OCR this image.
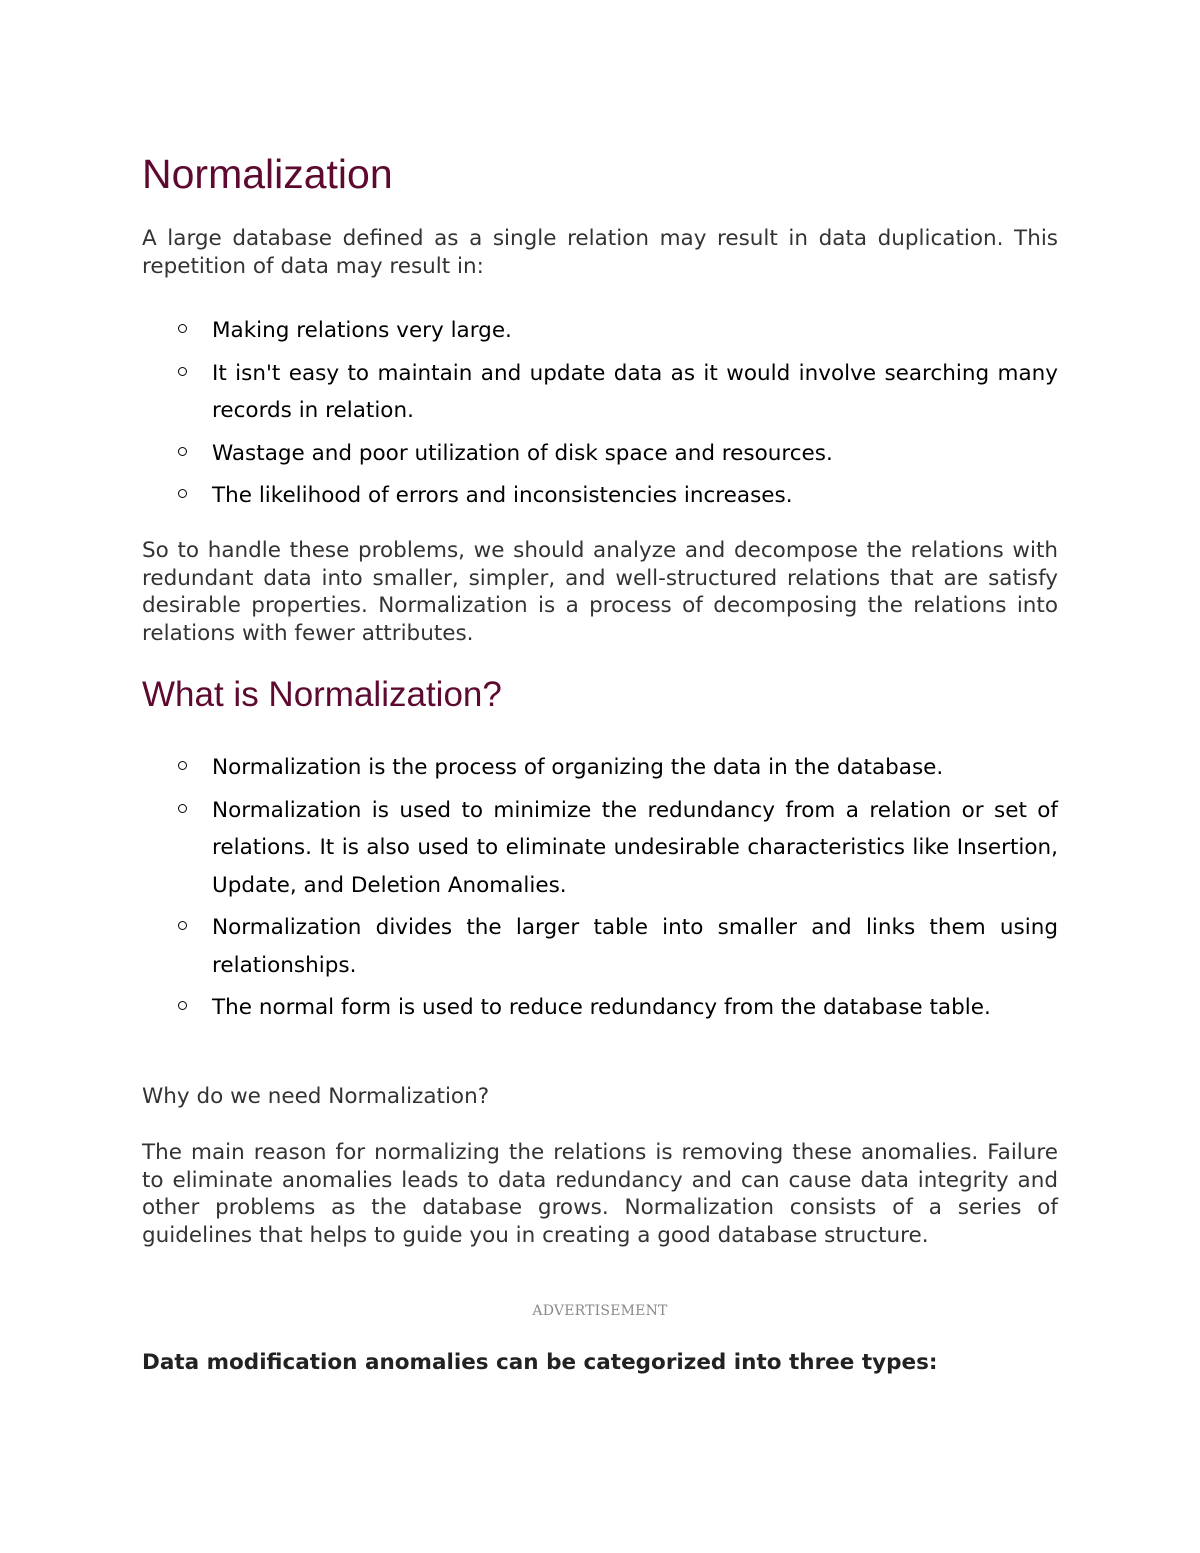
Normalization

A large database defined as a single relation may result in data duplication. This repetition of data may result in:

Making relations very large.
It isn't easy to maintain and update data as it would involve searching many records in relation.
Wastage and poor utilization of disk space and resources.
The likelihood of errors and inconsistencies increases.

So to handle these problems, we should analyze and decompose the relations with redundant data into smaller, simpler, and well-structured relations that are satisfy desirable properties. Normalization is a process of decomposing the relations into relations with fewer attributes.

What is Normalization?
Normalization is the process of organizing the data in the database.
Normalization is used to minimize the redundancy from a relation or set of relations. It is also used to eliminate undesirable characteristics like Insertion, Update, and Deletion Anomalies.
Normalization divides the larger table into smaller and links them using relationships.
The normal form is used to reduce redundancy from the database table.

Why do we need Normalization?

The main reason for normalizing the relations is removing these anomalies. Failure to eliminate anomalies leads to data redundancy and can cause data integrity and other problems as the database grows. Normalization consists of a series of guidelines that helps to guide you in creating a good database structure.

ADVERTISEMENT

Data modification anomalies can be categorized into three types:
